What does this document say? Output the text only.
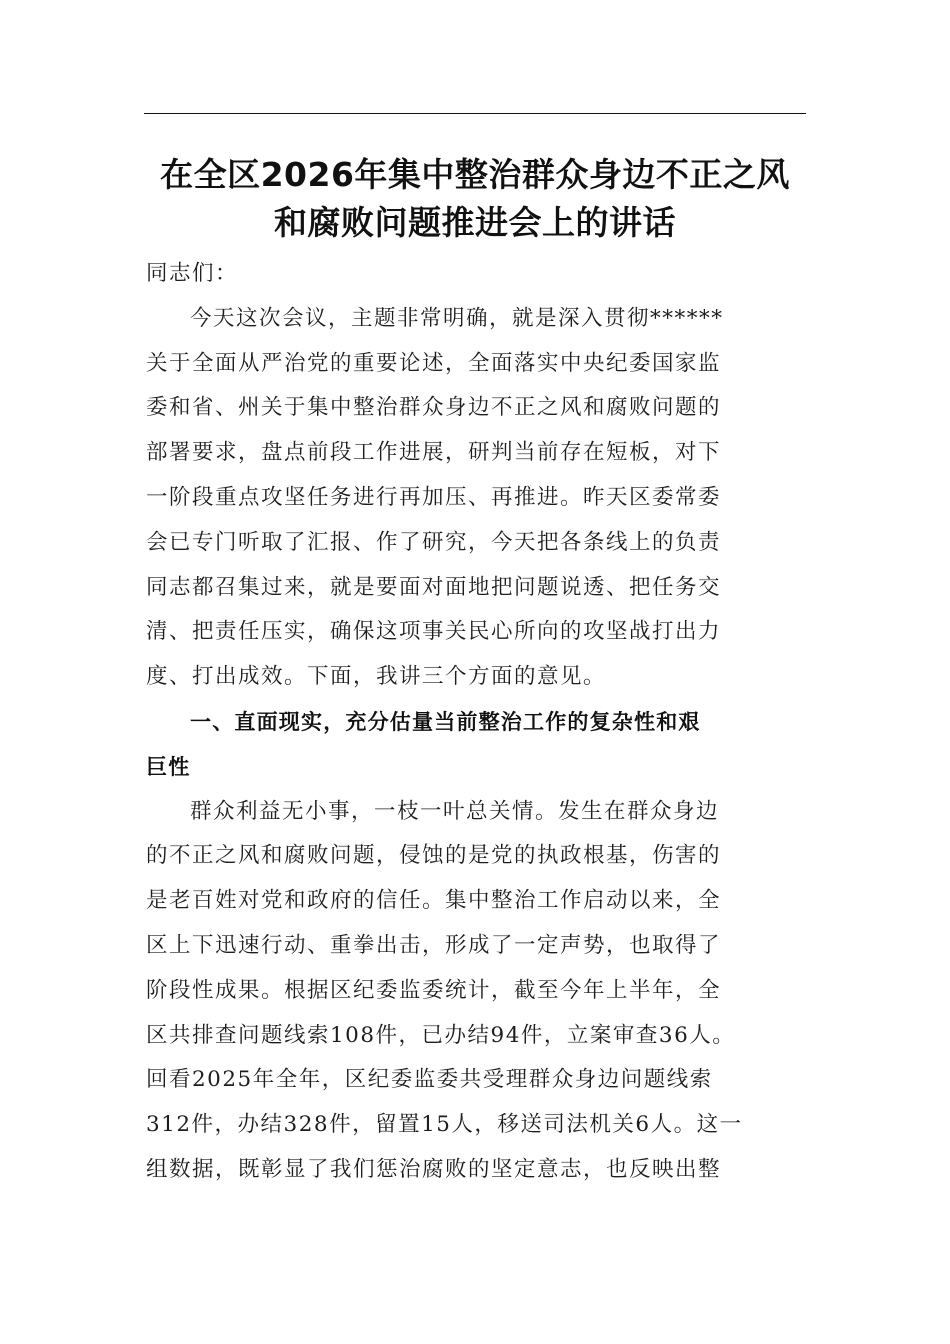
在全区2026年集中整治群众身边不正之风
和腐败问题推进会上的讲话
同志们：
今天这次会议，主题非常明确，就是深入贯彻******
关于全面从严治党的重要论述，全面落实中央纪委国家监
委和省、州关于集中整治群众身边不正之风和腐败问题的
部署要求，盘点前段工作进展，研判当前存在短板，对下
一阶段重点攻坚任务进行再加压、再推进。昨天区委常委
会已专门听取了汇报、作了研究，今天把各条线上的负责
同志都召集过来，就是要面对面地把问题说透、把任务交
清、把责任压实，确保这项事关民心所向的攻坚战打出力
度、打出成效。下面，我讲三个方面的意见。
一、直面现实，充分估量当前整治工作的复杂性和艰
巨性
群众利益无小事，一枝一叶总关情。发生在群众身边
的不正之风和腐败问题，侵蚀的是党的执政根基，伤害的
是老百姓对党和政府的信任。集中整治工作启动以来，全
区上下迅速行动、重拳出击，形成了一定声势，也取得了
阶段性成果。根据区纪委监委统计，截至今年上半年，全
区共排查问题线索108件，已办结94件，立案审查36人。
回看2025年全年，区纪委监委共受理群众身边问题线索
312件，办结328件，留置15人，移送司法机关6人。这一
组数据，既彰显了我们惩治腐败的坚定意志，也反映出整
